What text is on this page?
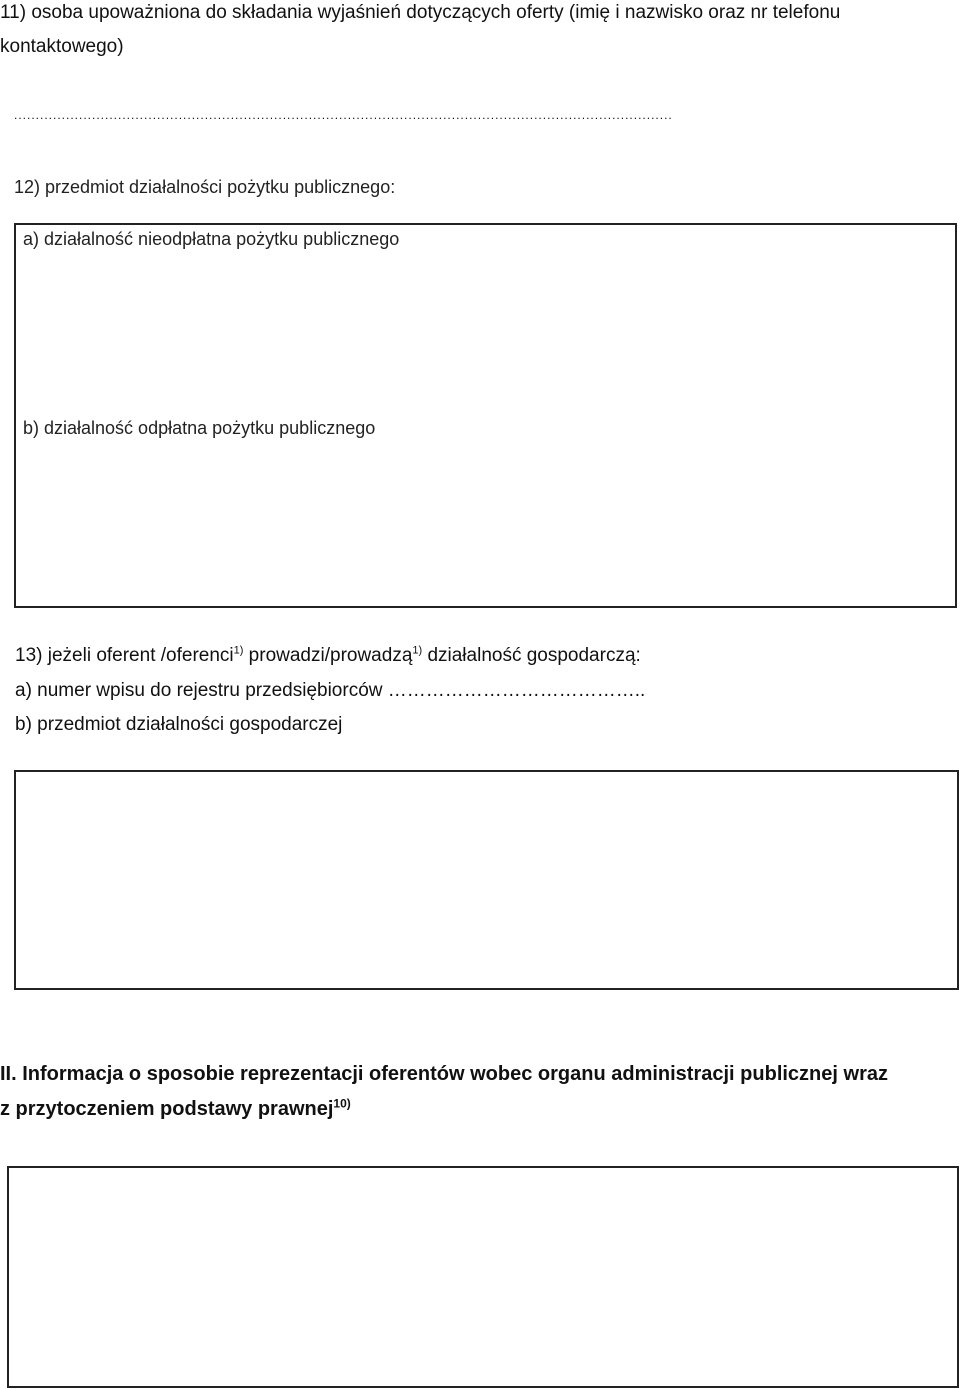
11) osoba upoważniona do składania wyjaśnień dotyczących oferty (imię i nazwisko oraz nr telefonu
kontaktowego)
........................................................................................................................................................
12) przedmiot działalności pożytku publicznego:
a) działalność nieodpłatna pożytku publicznego
b) działalność odpłatna pożytku publicznego
13) jeżeli oferent /oferenci$^{1)}$ prowadzi/prowadzą$^{1)}$ działalność gospodarczą:
a) numer wpisu do rejestru przedsiębiorców …………………………………..
b) przedmiot działalności gospodarczej
II. Informacja o sposobie reprezentacji oferentów wobec organu administracji publicznej wraz
z przytoczeniem podstawy prawnej$^{10)}$
